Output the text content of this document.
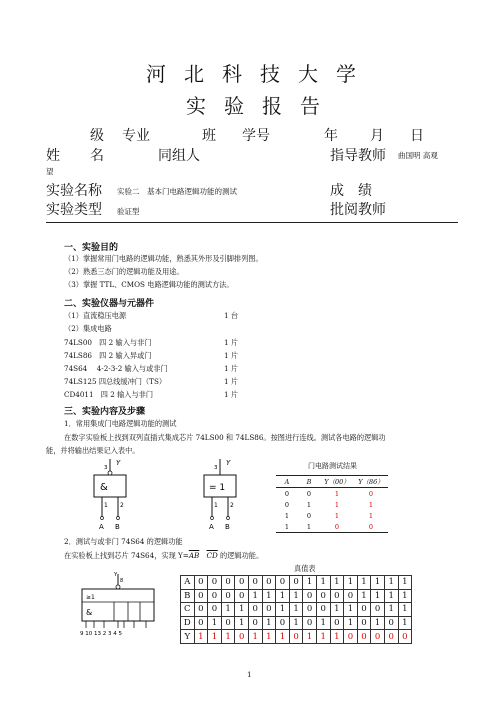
河北科技大学
实验报告
级 专业	班 学号	年 月 日
姓　名	同组人	指导教师 曲国明 高观
望
实验名称 实验二　基本门电路逻辑功能的测试	成　绩
实验类型 验证型	批阅教师
一、实验目的
（1）掌握常用门电路的逻辑功能，熟悉其外形及引脚排列图。
（2）熟悉三态门的逻辑功能及用途。
（3）掌握 TTL、CMOS 电路逻辑功能的测试方法。
二、实验仪器与元器件
（1）直流稳压电源	1 台
（2）集成电路
74LS00　四 2 输入与非门	1 片
74LS86　四 2 输入异或门	1 片
74S64　 4-2-3-2 输入与或非门	1 片
74LS125 四总线缓冲门（TS）	1 片
CD4011　四 2 输入与非门	1 片
三、实验内容及步骤
1．常用集成门电路逻辑功能的测试
在数字实验板上找到双列直插式集成芯片 74LS00 和 74LS86。按图进行连线。测试各电路的逻辑功
能，并将输出结果记入表中。
&
Y
3
1 2
A B
= 1
Y
3
1 2
A B
门电路测试结果
A	B	Y（00）	Y（86）
0	0	1	0
0	1	1	1
1	0	1	1
1	1	0	0
2．测试与或非门 74S64 的逻辑功能
在实验板上找到芯片 74S64，实现 $Y=\overline{AB}$　 $\overline{CD}$ 的逻辑功能。
Y
8
≥1
&
9 10 13 2 3 4 5
真值表
A	0	0	0	0	0	0	0	0	1	1	1	1	1	1	1	1
B	0	0	0	0	1	1	1	1	0	0	0	0	1	1	1	1
C	0	0	1	1	0	0	1	1	0	0	1	1	0	0	1	1
D	0	1	0	1	0	1	0	1	0	1	0	1	0	1	0	1
Y	1	1	1	0	1	1	1	0	1	1	1	0	0	0	0	0
1
